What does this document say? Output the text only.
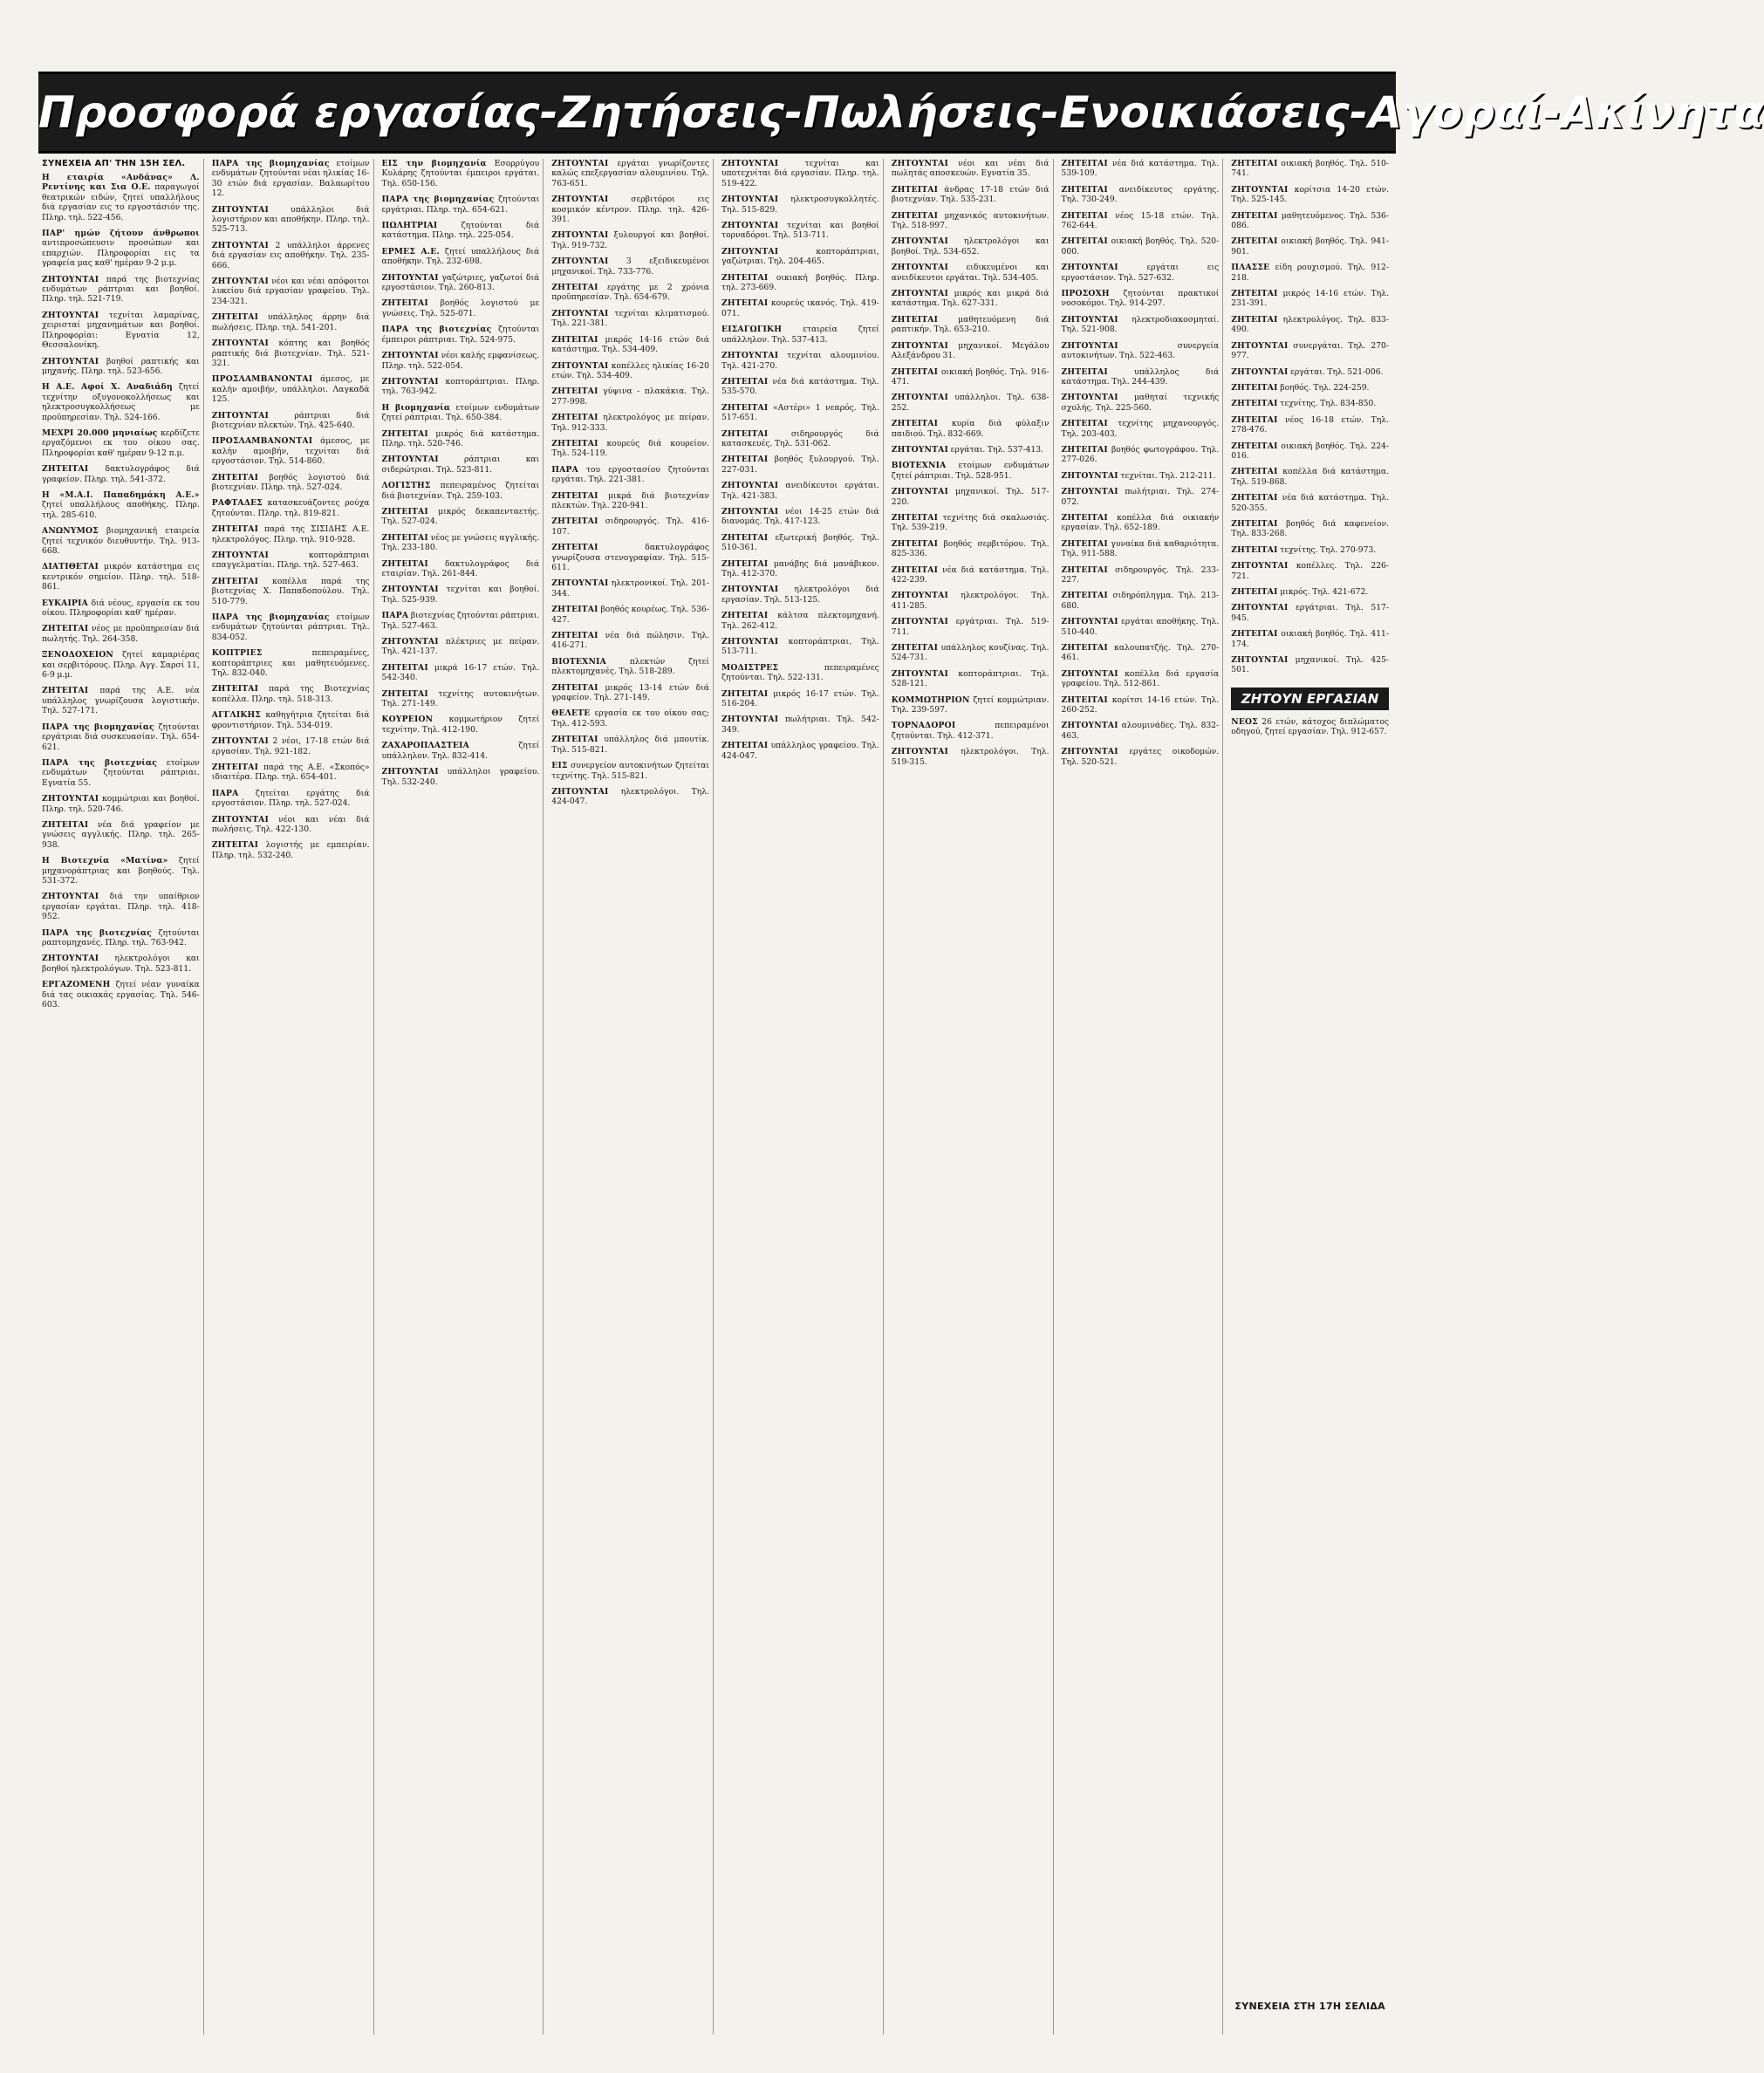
Προσφορά εργασίας-Ζητήσεις-Πωλήσεις-Ενοικιάσεις-Αγοραί-Ακίνητα
ΣΥΝΕΧΕΙΑ ΑΠ' ΤΗΝ 15Η ΣΕΛ.

Η εταιρία «Ανδάνας» Λ. Ρεντίνης και Σια Ο.Ε. παραγωγοί θεατρικών ειδών, ζητεί υπαλλήλους διά εργασίαν εις το εργοστάσιόν της. Πληρ. τηλ. 522-456.

ΠΑΡ' ημών ζήτουν άνθρωποι αντιπροσώπευσιν προσώπων και επαρχιών. Πληροφορίαι εις τα γραφεία μας καθ' ημέραν 9-2 μ.μ.

ΖΗΤΟΥΝΤΑΙ παρά της βιοτεχνίας ενδυμάτων ράπτριαι και βοηθοί. Πληρ. τηλ. 521-719.

ΖΗΤΟΥΝΤΑΙ τεχνίται λαμαρίνας, χειρισταί μηχανημάτων και βοηθοί. Πληροφορίαι: Εγνατία 12, Θεσσαλονίκη.

ΖΗΤΟΥΝΤΑΙ βοηθοί ραπτικής και μηχανής. Πληρ. τηλ. 523-656.

Η Α.Ε. Αφοί Χ. Αναδιάδη ζητεί τεχνίτην οξυγονοκολλήσεως και ηλεκτροσυγκολλήσεως με προϋπηρεσίαν. Τηλ. 524-166.

ΜΕΧΡΙ 20.000 μηνιαίως κερδίζετε εργαζόμενοι εκ του οίκου σας. Πληροφορίαι καθ' ημέραν 9-12 π.μ.

ΖΗΤΕΙΤΑΙ δακτυλογράφος διά γραφείον. Πληρ. τηλ. 541-372.

Η «Μ.Α.Ι. Παπαδημάκη Α.Ε.» ζητεί υπαλλήλους αποθήκης. Πληρ. τηλ. 285-610.

ΑΝΩΝΥΜΟΣ βιομηχανική εταιρεία ζητεί τεχνικόν διευθυντήν. Τηλ. 913-668.

ΔΙΑΤΙΘΕΤΑΙ μικρόν κατάστημα εις κεντρικόν σημείον. Πληρ. τηλ. 518-861.

ΕΥΚΑΙΡΙΑ διά νέους, εργασία εκ του οίκου. Πληροφορίαι καθ' ημέραν.

ΖΗΤΕΙΤΑΙ νέος με προϋπηρεσίαν διά πωλητής. Τηλ. 264-358.

ΞΕΝΟΔΟΧΕΙΟΝ ζητεί καμαριέρας και σερβιτόρους. Πληρ. Αγγ. Σαρσί 11, 6-9 μ.μ.

ΖΗΤΕΙΤΑΙ παρά της Α.Ε. νέα υπάλληλος γνωρίζουσα λογιστικήν. Τηλ. 527-171.

ΠΑΡΑ της βιομηχανίας ζητούνται εργάτριαι διά συσκευασίαν. Τηλ. 654-621.

ΠΑΡΑ της βιοτεχνίας ετοίμων ενδυμάτων ζητούνται ράπτριαι. Εγνατία 55.

ΖΗΤΟΥΝΤΑΙ κομμώτριαι και βοηθοί. Πληρ. τηλ. 520-746.

ΖΗΤΕΙΤΑΙ νέα διά γραφείον με γνώσεις αγγλικής. Πληρ. τηλ. 265-938.

Η Βιοτεχνία «Ματίνα» ζητεί μηχανοράπτριας και βοηθούς. Τηλ. 531-372.

ΖΗΤΟΥΝΤΑΙ διά την υπαίθριον εργασίαν εργάται. Πληρ. τηλ. 418-952.

ΠΑΡΑ της βιοτεχνίας ζητούνται ραπτομηχανές. Πληρ. τηλ. 763-942.

ΖΗΤΟΥΝΤΑΙ ηλεκτρολόγοι και βοηθοί ηλεκτρολόγων. Τηλ. 523-811.

ΕΡΓΑΖΟΜΕΝΗ ζητεί νέαν γυναίκα διά τας οικιακάς εργασίας. Τηλ. 546-603.

ΠΑΡΑ της βιομηχανίας ετοίμων ενδυμάτων ζητούνται νέαι ηλικίας 16-30 ετών διά εργασίαν. Βαλαωρίτου 12.

ΖΗΤΟΥΝΤΑΙ	υπάλληλοι διά λογιστήριον και αποθήκην. Πληρ. τηλ. 525-713.

ΖΗΤΟΥΝΤΑΙ 2 υπάλληλοι άρρενες διά εργασίαν εις αποθήκην. Τηλ. 235-666.

ΖΗΤΟΥΝΤΑΙ νέοι και νέαι απόφοιτοι λυκείου διά εργασίαν γραφείου. Τηλ. 234-321.

ΖΗΤΕΙΤΑΙ υπάλληλος άρρην διά πωλήσεις. Πληρ. τηλ. 541-201.

ΖΗΤΟΥΝΤΑΙ κόπτης και βοηθός ραπτικής διά βιοτεχνίαν. Τηλ. 521-321.

ΠΡΟΣΛΑΜΒΑΝΟΝΤΑΙ άμεσος, με καλήν αμοιβήν, υπάλληλοι. Λαγκαδά 125.

ΖΗΤΟΥΝΤΑΙ	ράπτριαι διά βιοτεχνίαν πλεκτών. Τηλ. 425-640.

ΠΡΟΣΛΑΜΒΑΝΟΝΤΑΙ άμεσος, με καλήν αμοιβήν, τεχνίται διά εργοστάσιον. Τηλ. 514-860.

ΖΗΤΕΙΤΑΙ βοηθός λογιστού διά βιοτεχνίαν. Πληρ. τηλ. 527-024.

ΡΑΦΤΑΔΕΣ κατασκευάζοντες ρούχα ζητούνται. Πληρ. τηλ. 819-821.

ΖΗΤΕΙΤΑΙ παρά της ΣΙΣΙΔΗΣ Α.Ε. ηλεκτρολόγος. Πληρ. τηλ. 910-928.

ΖΗΤΟΥΝΤΑΙ	κοπτοράπτριαι επαγγελματίαι. Πληρ. τηλ. 527-463.

ΖΗΤΕΙΤΑΙ κοπέλλα παρά της βιοτεχνίας Χ. Παπαδοπούλου. Τηλ. 510-779.

ΠΑΡΑ της βιομηχανίας ετοίμων ενδυμάτων ζητούνται ράπτριαι. Τηλ. 834-052.

ΚΟΠΤΡΙΕΣ	πεπειραμένες, κοπτοράπτριες και μαθητευόμενες. Τηλ. 832-040.

ΖΗΤΕΙΤΑΙ παρά της Βιοτεχνίας κοπέλλα. Πληρ. τηλ. 518-313.

ΑΓΓΛΙΚΗΣ καθηγήτρια ζητείται διά φροντιστήριον. Τηλ. 534-019.

ΖΗΤΟΥΝΤΑΙ 2 νέοι, 17-18 ετών διά εργασίαν. Τηλ. 921-182.

ΖΗΤΕΙΤΑΙ παρά της Α.Ε. «Σκοπός» ιδιαιτέρα. Πληρ. τηλ. 654-401.

ΠΑΡΑ ζητείται εργάτης διά εργοστάσιον. Πληρ. τηλ. 527-024.

ΖΗΤΟΥΝΤΑΙ νέοι και νέαι διά πωλήσεις. Τηλ. 422-130.

ΖΗΤΕΙΤΑΙ λογιστής με εμπειρίαν. Πληρ. τηλ. 532-240.

ΕΙΣ την βιομηχανία Εσορρύγου Κυλάρης ζητούνται έμπειροι εργάται. Τηλ. 650-156.

ΠΑΡΑ της βιομηχανίας ζητούνται εργάτριαι. Πληρ. τηλ. 654-621.

ΠΩΛΗΤΡΙΑΙ	ζητούνται διά κατάστημα. Πληρ. τηλ. 225-054.

ΕΡΜΕΣ Α.Ε. ζητεί υπαλλήλους διά αποθήκην. Τηλ. 232-698.

ΖΗΤΟΥΝΤΑΙ γαζώτριες, γαζωτοί διά εργοστάσιον. Τηλ. 260-813.

ΖΗΤΕΙΤΑΙ βοηθός λογιστού με γνώσεις. Τηλ. 525-071.

ΠΑΡΑ της βιοτεχνίας ζητούνται έμπειροι ράπτριαι. Τηλ. 524-975.

ΖΗΤΟΥΝΤΑΙ νέοι καλής εμφανίσεως. Πληρ. τηλ. 522-054.

ΖΗΤΟΥΝΤΑΙ κοπτοράπτριαι. Πληρ. τηλ. 763-942.

Η βιομηχανία ετοίμων ενδυμάτων ζητεί ράπτριαι. Τηλ. 650-384.

ΖΗΤΕΙΤΑΙ μικρός διά κατάστημα. Πληρ. τηλ. 520-746.

ΖΗΤΟΥΝΤΑΙ	ράπτριαι και σιδερώτριαι. Τηλ. 523-811.

ΛΟΓΙΣΤΗΣ πεπειραμένος ζητείται διά βιοτεχνίαν. Τηλ. 259-103.

ΖΗΤΕΙΤΑΙ μικρός δεκαπενταετής. Τηλ. 527-024.

ΖΗΤΕΙΤΑΙ νέος με γνώσεις αγγλικής. Τηλ. 233-180.

ΖΗΤΕΙΤΑΙ δακτυλογράφος διά εταιρίαν. Τηλ. 261-844.

ΖΗΤΟΥΝΤΑΙ τεχνίται και βοηθοί. Τηλ. 525-939.

ΠΑΡΑ βιοτεχνίας ζητούνται ράπτριαι. Τηλ. 527-463.

ΖΗΤΟΥΝΤΑΙ πλέκτριες με πείραν. Τηλ. 421-137.

ΖΗΤΕΙΤΑΙ μικρά 16-17 ετών. Τηλ. 542-340.

ΖΗΤΕΙΤΑΙ τεχνίτης αυτοκινήτων. Τηλ. 271-149.

ΚΟΥΡΕΙΟΝ κομμωτήριον ζητεί τεχνίτην. Τηλ. 412-190.

ΖΑΧΑΡΟΠΛΑΣΤΕΙΑ	ζητεί υπάλληλον. Τηλ. 832-414.

ΖΗΤΟΥΝΤΑΙ υπάλληλοι γραφείου. Τηλ. 532-240.

ΖΗΤΟΥΝΤΑΙ εργάται γνωρίζοντες καλώς επεξεργασίαν αλουμινίου. Τηλ. 763-651.

ΖΗΤΟΥΝΤΑΙ	σερβιτόροι εις κοσμικόν κέντρον. Πληρ. τηλ. 426-391.

ΖΗΤΟΥΝΤΑΙ ξυλουργοί και βοηθοί. Τηλ. 919-732.

ΖΗΤΟΥΝΤΑΙ 3 εξειδικευμένοι μηχανικοί. Τηλ. 733-776.

ΖΗΤΕΙΤΑΙ εργάτης με 2 χρόνια προϋπηρεσίαν. Τηλ. 654-679.

ΖΗΤΟΥΝΤΑΙ τεχνίται κλιματισμού. Τηλ. 221-381.

ΖΗΤΕΙΤΑΙ μικρός 14-16 ετών διά κατάστημα. Τηλ. 534-409.

ΖΗΤΟΥΝΤΑΙ κοπέλλες ηλικίας 16-20 ετών. Τηλ. 534-409.

ΖΗΤΕΙΤΑΙ γύψινα - πλακάκια. Τηλ. 277-998.

ΖΗΤΕΙΤΑΙ ηλεκτρολόγος με πείραν. Τηλ. 912-333.

ΖΗΤΕΙΤΑΙ κουρεύς διά κουρείον. Τηλ. 524-119.

ΠΑΡΑ του εργοστασίου ζητούνται εργάται. Τηλ. 221-381.

ΖΗΤΕΙΤΑΙ μικρά διά βιοτεχνίαν πλεκτών. Τηλ. 220-941.

ΖΗΤΕΙΤΑΙ σιδηρουργός. Τηλ. 416-107.

ΖΗΤΕΙΤΑΙ	δακτυλογράφος γνωρίζουσα στενογραφίαν. Τηλ. 515-611.

ΖΗΤΟΥΝΤΑΙ ηλεκτρονικοί. Τηλ. 201-344.

ΖΗΤΕΙΤΑΙ βοηθός κουρέως. Τηλ. 536-427.

ΖΗΤΕΙΤΑΙ νέα διά πώλησιν. Τηλ. 416-271.

ΒΙΟΤΕΧΝΙΑ	πλεκτών ζητεί πλεκτομηχανές. Τηλ. 518-289.

ΖΗΤΕΙΤΑΙ μικρός 13-14 ετών διά γραφείον. Τηλ. 271-149.

ΘΕΛΕΤΕ εργασία εκ του οίκου σας; Τηλ. 412-593.

ΖΗΤΕΙΤΑΙ υπάλληλος διά μπουτίκ. Τηλ. 515-821.

ΕΙΣ συνεργείον αυτοκινήτων ζητείται τεχνίτης. Τηλ. 515-821.

ΖΗΤΟΥΝΤΑΙ ηλεκτρολόγοι. Τηλ. 424-047.

ΖΗΤΟΥΝΤΑΙ	τεχνίται και υποτεχνίται διά εργασίαν. Πληρ. τηλ. 519-422.

ΖΗΤΟΥΝΤΑΙ ηλεκτροσυγκολλητές. Τηλ. 515-829.

ΖΗΤΟΥΝΤΑΙ τεχνίται και βοηθοί τορναδόροι. Τηλ. 513-711.

ΖΗΤΟΥΝΤΑΙ	κοπτοράπτριαι, γαζώτριαι. Τηλ. 204-465.

ΖΗΤΕΙΤΑΙ οικιακή βοηθός. Πληρ. τηλ. 273-669.

ΖΗΤΕΙΤΑΙ κουρεύς ικανός. Τηλ. 419-071.

ΕΙΣΑΓΩΓΙΚΗ	εταιρεία ζητεί υπάλληλον. Τηλ. 537-413.

ΖΗΤΟΥΝΤΑΙ τεχνίται αλουμινίου. Τηλ. 421-270.

ΖΗΤΕΙΤΑΙ νέα διά κατάστημα. Τηλ. 535-570.

ΖΗΤΕΙΤΑΙ «Αστέρι» 1 νεαρός. Τηλ. 517-651.

ΖΗΤΕΙΤΑΙ	σιδηρουργός διά κατασκευές. Τηλ. 531-062.

ΖΗΤΕΙΤΑΙ βοηθός ξυλουργού. Τηλ. 227-031.

ΖΗΤΟΥΝΤΑΙ ανειδίκευτοι εργάται. Τηλ. 421-383.

ΖΗΤΟΥΝΤΑΙ νέοι 14-25 ετών διά διανομάς. Τηλ. 417-123.

ΖΗΤΕΙΤΑΙ εξωτερική βοηθός. Τηλ. 510-361.

ΖΗΤΕΙΤΑΙ μανάβης διά μανάβικον. Τηλ. 412-370.

ΖΗΤΟΥΝΤΑΙ ηλεκτρολόγοι διά εργασίαν. Τηλ. 513-125.

ΖΗΤΕΙΤΑΙ κάλτσα πλεκτομηχανή. Τηλ. 262-412.

ΖΗΤΟΥΝΤΑΙ κοπτοράπτριαι. Τηλ. 513-711.

ΜΟΔΙΣΤΡΕΣ	πεπειραμένες ζητούνται. Τηλ. 522-131.

ΖΗΤΕΙΤΑΙ μικρός 16-17 ετών. Τηλ. 516-204.

ΖΗΤΟΥΝΤΑΙ πωλήτριαι. Τηλ. 542-349.

ΖΗΤΕΙΤΑΙ υπάλληλος γραφείου. Τηλ. 424-047.

ΖΗΤΟΥΝΤΑΙ νέοι και νέαι διά πωλητάς αποσκευών. Εγνατία 35.

ΖΗΤΕΙΤΑΙ άνδρας 17-18 ετών διά βιοτεχνίαν. Τηλ. 535-231.

ΖΗΤΕΙΤΑΙ μηχανικός αυτοκινήτων. Τηλ. 518-997.

ΖΗΤΟΥΝΤΑΙ ηλεκτρολόγοι και βοηθοί. Τηλ. 534-652.

ΖΗΤΟΥΝΤΑΙ ειδικευμένοι και ανειδίκευτοι εργάται. Τηλ. 534-405.

ΖΗΤΟΥΝΤΑΙ μικρός και μικρά διά κατάστημα. Τηλ. 627-331.

ΖΗΤΕΙΤΑΙ	μαθητευόμενη διά ραπτικήν. Τηλ. 653-210.

ΖΗΤΟΥΝΤΑΙ μηχανικοί. Μεγάλου Αλεξάνδρου 31.

ΖΗΤΕΙΤΑΙ οικιακή βοηθός. Τηλ. 916-471.

ΖΗΤΟΥΝΤΑΙ υπάλληλοι. Τηλ. 638-252.

ΖΗΤΕΙΤΑΙ κυρία διά φύλαξιν παιδιού. Τηλ. 832-669.

ΖΗΤΟΥΝΤΑΙ εργάται. Τηλ. 537-413.

ΒΙΟΤΕΧΝΙΑ ετοίμων ενδυμάτων ζητεί ράπτριαι. Τηλ. 528-951.

ΖΗΤΟΥΝΤΑΙ μηχανικοί. Τηλ. 517-220.

ΖΗΤΕΙΤΑΙ τεχνίτης διά σκαλωσιάς. Τηλ. 539-219.

ΖΗΤΕΙΤΑΙ βοηθός σερβιτόρου. Τηλ. 825-336.

ΖΗΤΕΙΤΑΙ νέα διά κατάστημα. Τηλ. 422-239.

ΖΗΤΟΥΝΤΑΙ ηλεκτρολόγοι. Τηλ. 411-285.

ΖΗΤΟΥΝΤΑΙ εργάτριαι. Τηλ. 519-711.

ΖΗΤΕΙΤΑΙ υπάλληλος κουζίνας. Τηλ. 524-731.

ΖΗΤΟΥΝΤΑΙ κοπτοράπτριαι. Τηλ. 528-121.

ΚΟΜΜΩΤΗΡΙΟΝ ζητεί κομμώτριαν. Τηλ. 239-597.

ΤΟΡΝΑΔΟΡΟΙ	πεπειραμένοι ζητούνται. Τηλ. 412-371.

ΖΗΤΟΥΝΤΑΙ ηλεκτρολόγοι. Τηλ. 519-315.

ΖΗΤΕΙΤΑΙ νέα διά κατάστημα. Τηλ. 539-109.

ΖΗΤΕΙΤΑΙ ανειδίκευτος εργάτης. Τηλ. 730-249.

ΖΗΤΕΙΤΑΙ νέος 15-18 ετών. Τηλ. 762-644.

ΖΗΤΕΙΤΑΙ οικιακή βοηθός. Τηλ. 520-000.

ΖΗΤΟΥΝΤΑΙ	εργάται εις εργοστάσιον. Τηλ. 527-632.

ΠΡΟΣΟΧΗ ζητούνται πρακτικοί νοσοκόμοι. Τηλ. 914-297.

ΖΗΤΟΥΝΤΑΙ ηλεκτροδιακοσμηταί. Τηλ. 521-908.

ΖΗΤΟΥΝΤΑΙ	συνεργεία αυτοκινήτων. Τηλ. 522-463.

ΖΗΤΕΙΤΑΙ	υπάλληλος διά κατάστημα. Τηλ. 244-439.

ΖΗΤΟΥΝΤΑΙ μαθηταί τεχνικής σχολής. Τηλ. 225-560.

ΖΗΤΕΙΤΑΙ τεχνίτης μηχανουργός. Τηλ. 203-403.

ΖΗΤΕΙΤΑΙ βοηθός φωτογράφου. Τηλ. 277-026.

ΖΗΤΟΥΝΤΑΙ τεχνίται. Τηλ. 212-211.

ΖΗΤΟΥΝΤΑΙ πωλήτριαι. Τηλ. 274-072.

ΖΗΤΕΙΤΑΙ κοπέλλα διά οικιακήν εργασίαν. Τηλ. 652-189.

ΖΗΤΕΙΤΑΙ γυναίκα διά καθαριότητα. Τηλ. 911-588.

ΖΗΤΕΙΤΑΙ σιδηρουργός. Τηλ. 233-227.

ΖΗΤΕΙΤΑΙ σιδηρόπληγμα. Τηλ. 213-680.

ΖΗΤΟΥΝΤΑΙ εργάται αποθήκης. Τηλ. 510-440.

ΖΗΤΕΙΤΑΙ καλουπατζής. Τηλ. 270-461.

ΖΗΤΟΥΝΤΑΙ κοπέλλα διά εργασία γραφείου. Τηλ. 512-861.

ΖΗΤΕΙΤΑΙ κορίτσι 14-16 ετών. Τηλ. 260-252.

ΖΗΤΟΥΝΤΑΙ αλουμινάδες. Τηλ. 832-463.

ΖΗΤΟΥΝΤΑΙ εργάτες οικοδομών. Τηλ. 520-521.

ΖΗΤΕΙΤΑΙ οικιακή βοηθός. Τηλ. 510-741.

ΖΗΤΟΥΝΤΑΙ κορίτσια 14-20 ετών. Τηλ. 525-145.

ΖΗΤΕΙΤΑΙ μαθητευόμενος. Τηλ. 536-086.

ΖΗΤΕΙΤΑΙ οικιακή βοηθός. Τηλ. 941-901.

ΠΛΑΣΣΕ είδη ρουχισμού. Τηλ. 912-218.

ΖΗΤΕΙΤΑΙ μικρός 14-16 ετών. Τηλ. 231-391.

ΖΗΤΕΙΤΑΙ ηλεκτρολόγος. Τηλ. 833-490.

ΖΗΤΟΥΝΤΑΙ συνεργάται. Τηλ. 270-977.

ΖΗΤΟΥΝΤΑΙ εργάται. Τηλ. 521-006.

ΖΗΤΕΙΤΑΙ βοηθός. Τηλ. 224-259.

ΖΗΤΕΙΤΑΙ τεχνίτης. Τηλ. 834-850.

ΖΗΤΕΙΤΑΙ νέος 16-18 ετών. Τηλ. 278-476.

ΖΗΤΕΙΤΑΙ οικιακή βοηθός. Τηλ. 224-016.

ΖΗΤΕΙΤΑΙ κοπέλλα διά κατάστημα. Τηλ. 519-868.

ΖΗΤΕΙΤΑΙ νέα διά κατάστημα. Τηλ. 520-355.

ΖΗΤΕΙΤΑΙ βοηθός διά καφενείον. Τηλ. 833-268.

ΖΗΤΕΙΤΑΙ τεχνίτης. Τηλ. 270-973.

ΖΗΤΟΥΝΤΑΙ κοπέλλες. Τηλ. 226-721.

ΖΗΤΕΙΤΑΙ μικρός. Τηλ. 421-672.

ΖΗΤΟΥΝΤΑΙ εργάτριαι. Τηλ. 517-945.

ΖΗΤΕΙΤΑΙ οικιακή βοηθός. Τηλ. 411-174.

ΖΗΤΟΥΝΤΑΙ μηχανικοί. Τηλ. 425-501.

ΖΗΤΟΥΝ ΕΡΓΑΣΙΑΝ

ΝΕΟΣ 26 ετών, κάτοχος διπλώματος οδηγού, ζητεί εργασίαν. Τηλ. 912-657.

ΣΥΝΕΧΕΙΑ ΣΤΗ 17Η ΣΕΛΙΔΑ
